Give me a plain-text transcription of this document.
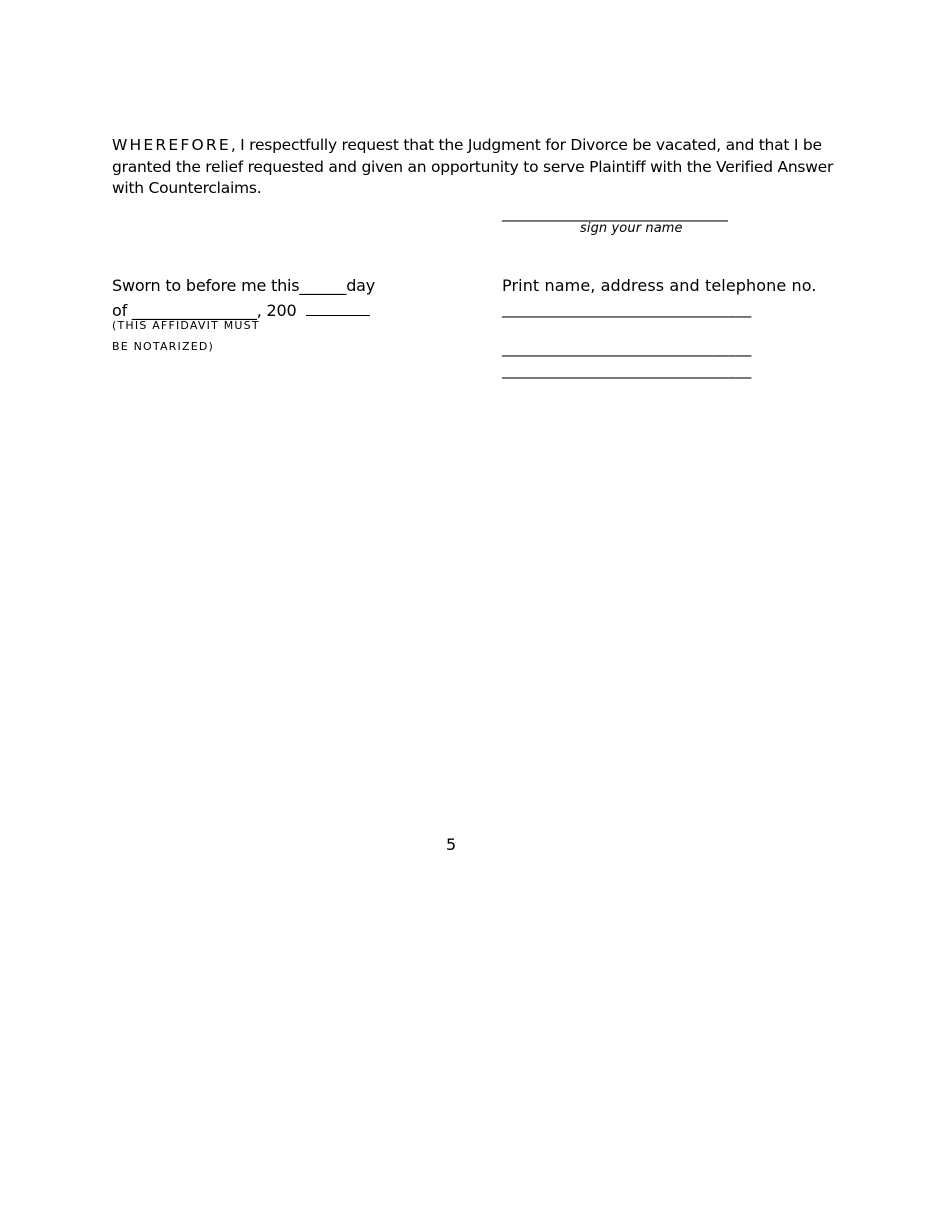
WHEREFORE, I respectfully request that the Judgment for Divorce be vacated, and that I be
granted the relief requested and given an opportunity to serve Plaintiff with the Verified Answer
with Counterclaims.
_____________________________
sign your name
Sworn to before me this______day
of ________________, 200
(THIS AFFIDAVIT MUST
BE NOTARIZED)
Print name, address and telephone no.
________________________________
________________________________
________________________________
5
